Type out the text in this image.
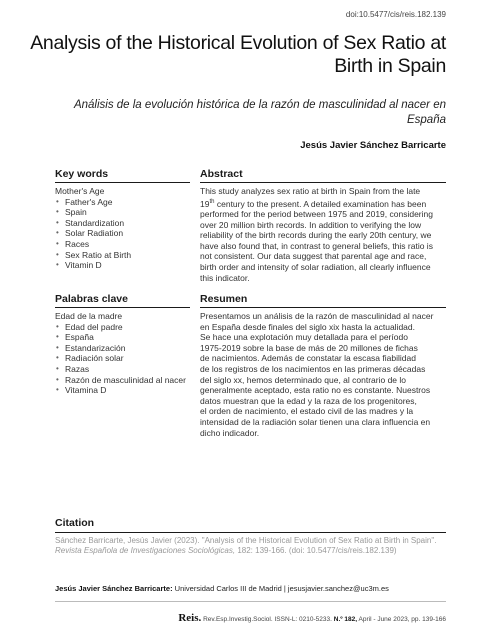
doi:10.5477/cis/reis.182.139
Analysis of the Historical Evolution of Sex Ratio at Birth in Spain
Análisis de la evolución histórica de la razón de masculinidad al nacer en España
Jesús Javier Sánchez Barricarte
Key words
Mother's Age
• Father's Age
• Spain
• Standardization
• Solar Radiation
• Races
• Sex Ratio at Birth
• Vitamin D
Abstract
This study analyzes sex ratio at birth in Spain from the late
19th century to the present. A detailed examination has been
performed for the period between 1975 and 2019, considering
over 20 million birth records. In addition to verifying the low
reliability of the birth records during the early 20th century, we
have also found that, in contrast to general beliefs, this ratio is
not consistent. Our data suggest that parental age and race,
birth order and intensity of solar radiation, all clearly influence
this indicator.
Palabras clave
Edad de la madre
• Edad del padre
• España
• Estandarización
• Radiación solar
• Razas
• Razón de masculinidad al nacer
• Vitamina D
Resumen
Presentamos un análisis de la razón de masculinidad al nacer
en España desde finales del siglo xix hasta la actualidad.
Se hace una explotación muy detallada para el período
1975-2019 sobre la base de más de 20 millones de fichas
de nacimientos. Además de constatar la escasa fiabilidad
de los registros de los nacimientos en las primeras décadas
del siglo xx, hemos determinado que, al contrario de lo
generalmente aceptado, esta ratio no es constante. Nuestros
datos muestran que la edad y la raza de los progenitores,
el orden de nacimiento, el estado civil de las madres y la
intensidad de la radiación solar tienen una clara influencia en
dicho indicador.
Citation
Sánchez Barricarte, Jesús Javier (2023). "Analysis of the Historical Evolution of Sex Ratio at Birth in Spain".
Revista Española de Investigaciones Sociológicas, 182: 139-166. (doi: 10.5477/cis/reis.182.139)
Jesús Javier Sánchez Barricarte: Universidad Carlos III de Madrid | jesusjavier.sanchez@uc3m.es
Reis. Rev.Esp.Investig.Sociol. ISSN-L: 0210-5233. N.º 182, April - June 2023, pp. 139-166
